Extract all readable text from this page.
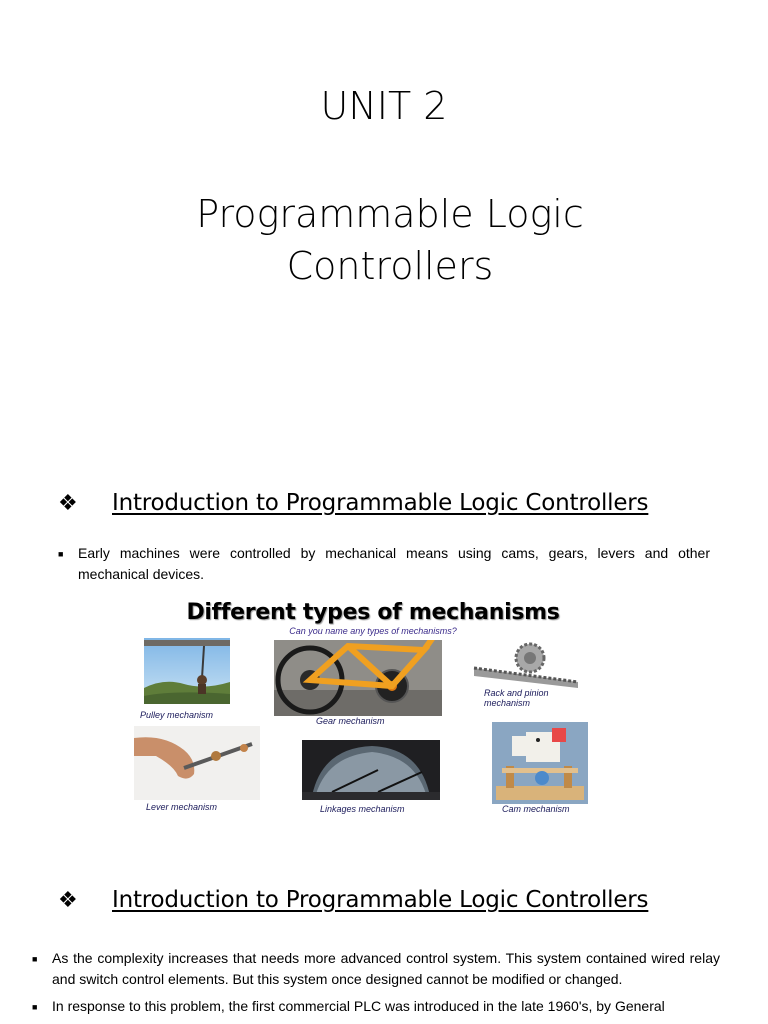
UNIT 2
Programmable Logic
Controllers
❖	Introduction to Programmable Logic Controllers
■	Early machines were controlled by mechanical means using cams, gears, levers and other mechanical devices.
Different types of mechanisms
Can you name any types of mechanisms?
Pulley mechanism
Gear mechanism
Rack and pinion
mechanism
Lever mechanism	Linkages mechanism	Cam mechanism
❖	Introduction to Programmable Logic Controllers
■	As the complexity increases that needs more advanced control system. This system contained wired relay and switch control elements. But this system once designed cannot be modified or changed.
■	In response to this problem, the first commercial PLC was introduced in the late 1960's, by General
